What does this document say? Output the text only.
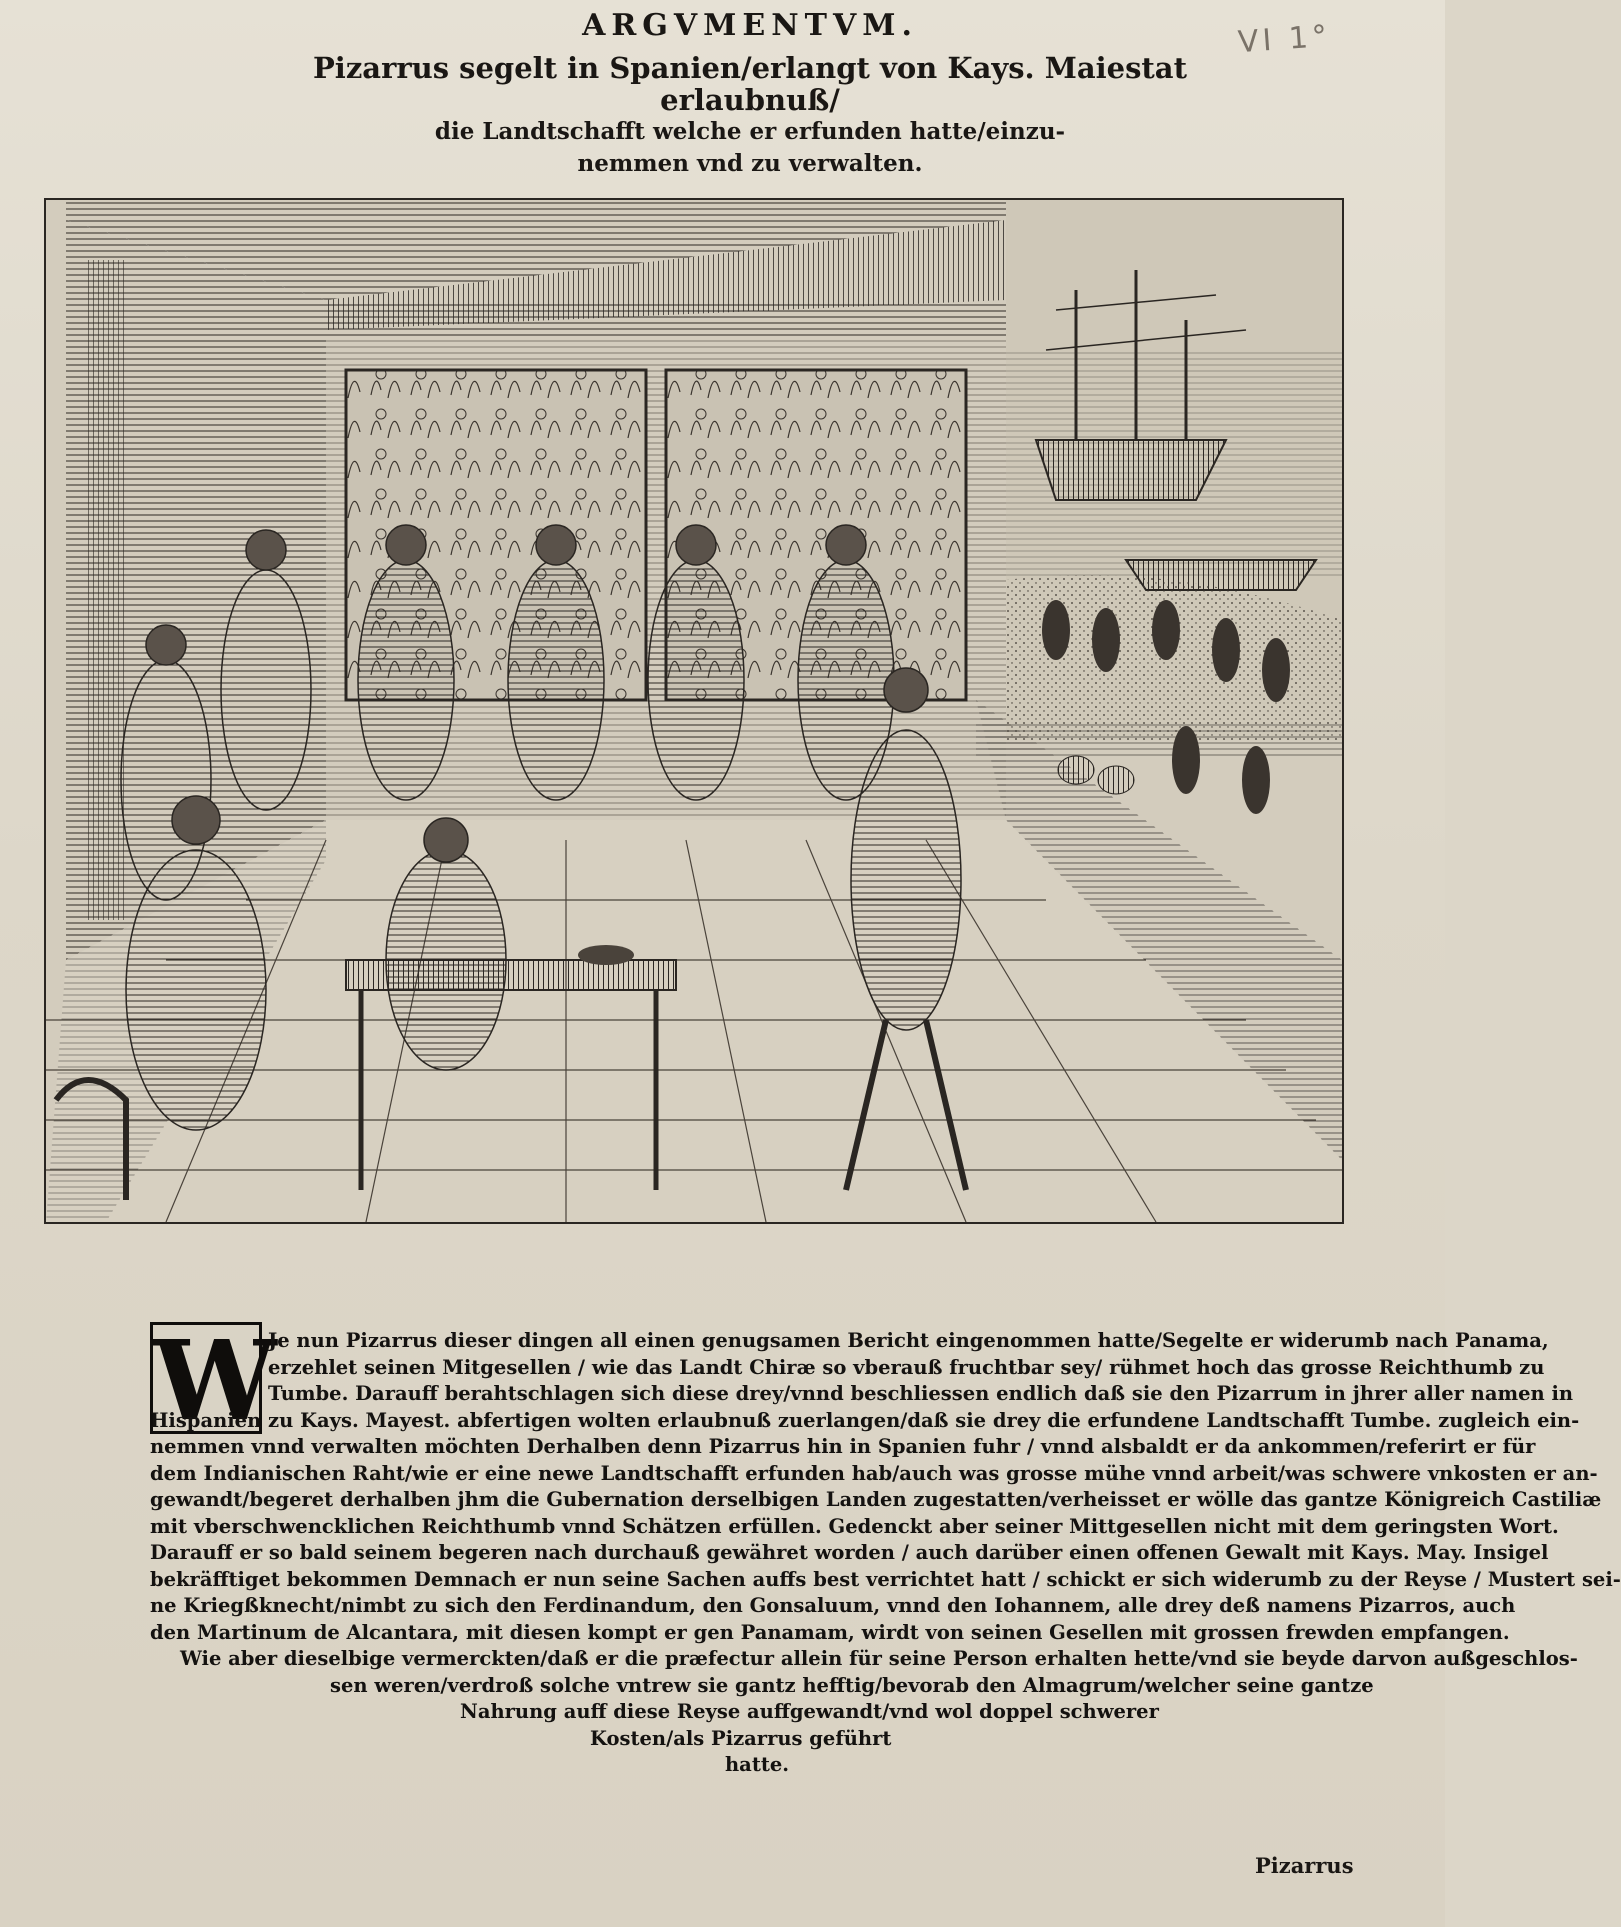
VI 1°
ARGVMENTVM.
Pizarrus segelt in Spanien/erlangt von Kays. Maiestat erlaubnuß/
die Landtschafft welche er erfunden hatte/einzu-
nemmen vnd zu verwalten.
W
Je nun Pizarrus dieser dingen all einen genugsamen Bericht eingenommen hatte/Segelte er widerumb nach Panama,
erzehlet seinen Mitgesellen / wie das Landt Chiræ so vberauß fruchtbar sey/ rühmet hoch das grosse Reichthumb zu
Tumbe. Darauff berahtschlagen sich diese drey/vnnd beschliessen endlich daß sie den Pizarrum in jhrer aller namen in
Hispanien zu Kays. Mayest. abfertigen wolten erlaubnuß zuerlangen/daß sie drey die erfundene Landtschafft Tumbe. zugleich ein-
nemmen vnnd verwalten möchten Derhalben denn Pizarrus hin in Spanien fuhr / vnnd alsbaldt er da ankommen/referirt er für
dem Indianischen Raht/wie er eine newe Landtschafft erfunden hab/auch was grosse mühe vnnd arbeit/was schwere vnkosten er an-
gewandt/begeret derhalben jhm die Gubernation derselbigen Landen zugestatten/verheisset er wölle das gantze Königreich Castiliæ
mit vberschwencklichen Reichthumb vnnd Schätzen erfüllen. Gedenckt aber seiner Mittgesellen nicht mit dem geringsten Wort.
Darauff er so bald seinem begeren nach durchauß gewähret worden / auch darüber einen offenen Gewalt mit Kays. May. Insigel
bekräfftiget bekommen Demnach er nun seine Sachen auffs best verrichtet hatt / schickt er sich widerumb zu der Reyse / Mustert sei-
ne Kriegßknecht/nimbt zu sich den Ferdinandum, den Gonsaluum, vnnd den Iohannem, alle drey deß namens Pizarros, auch
den Martinum de Alcantara, mit diesen kompt er gen Panamam, wirdt von seinen Gesellen mit grossen frewden empfangen.
Wie aber dieselbige vermerckten/daß er die præfectur allein für seine Person erhalten hette/vnd sie beyde darvon außgeschlos-
sen weren/verdroß solche vntrew sie gantz hefftig/bevorab den Almagrum/welcher seine gantze
Nahrung auff diese Reyse auffgewandt/vnd wol doppel schwerer
Kosten/als Pizarrus geführt
hatte.
Pizarrus
